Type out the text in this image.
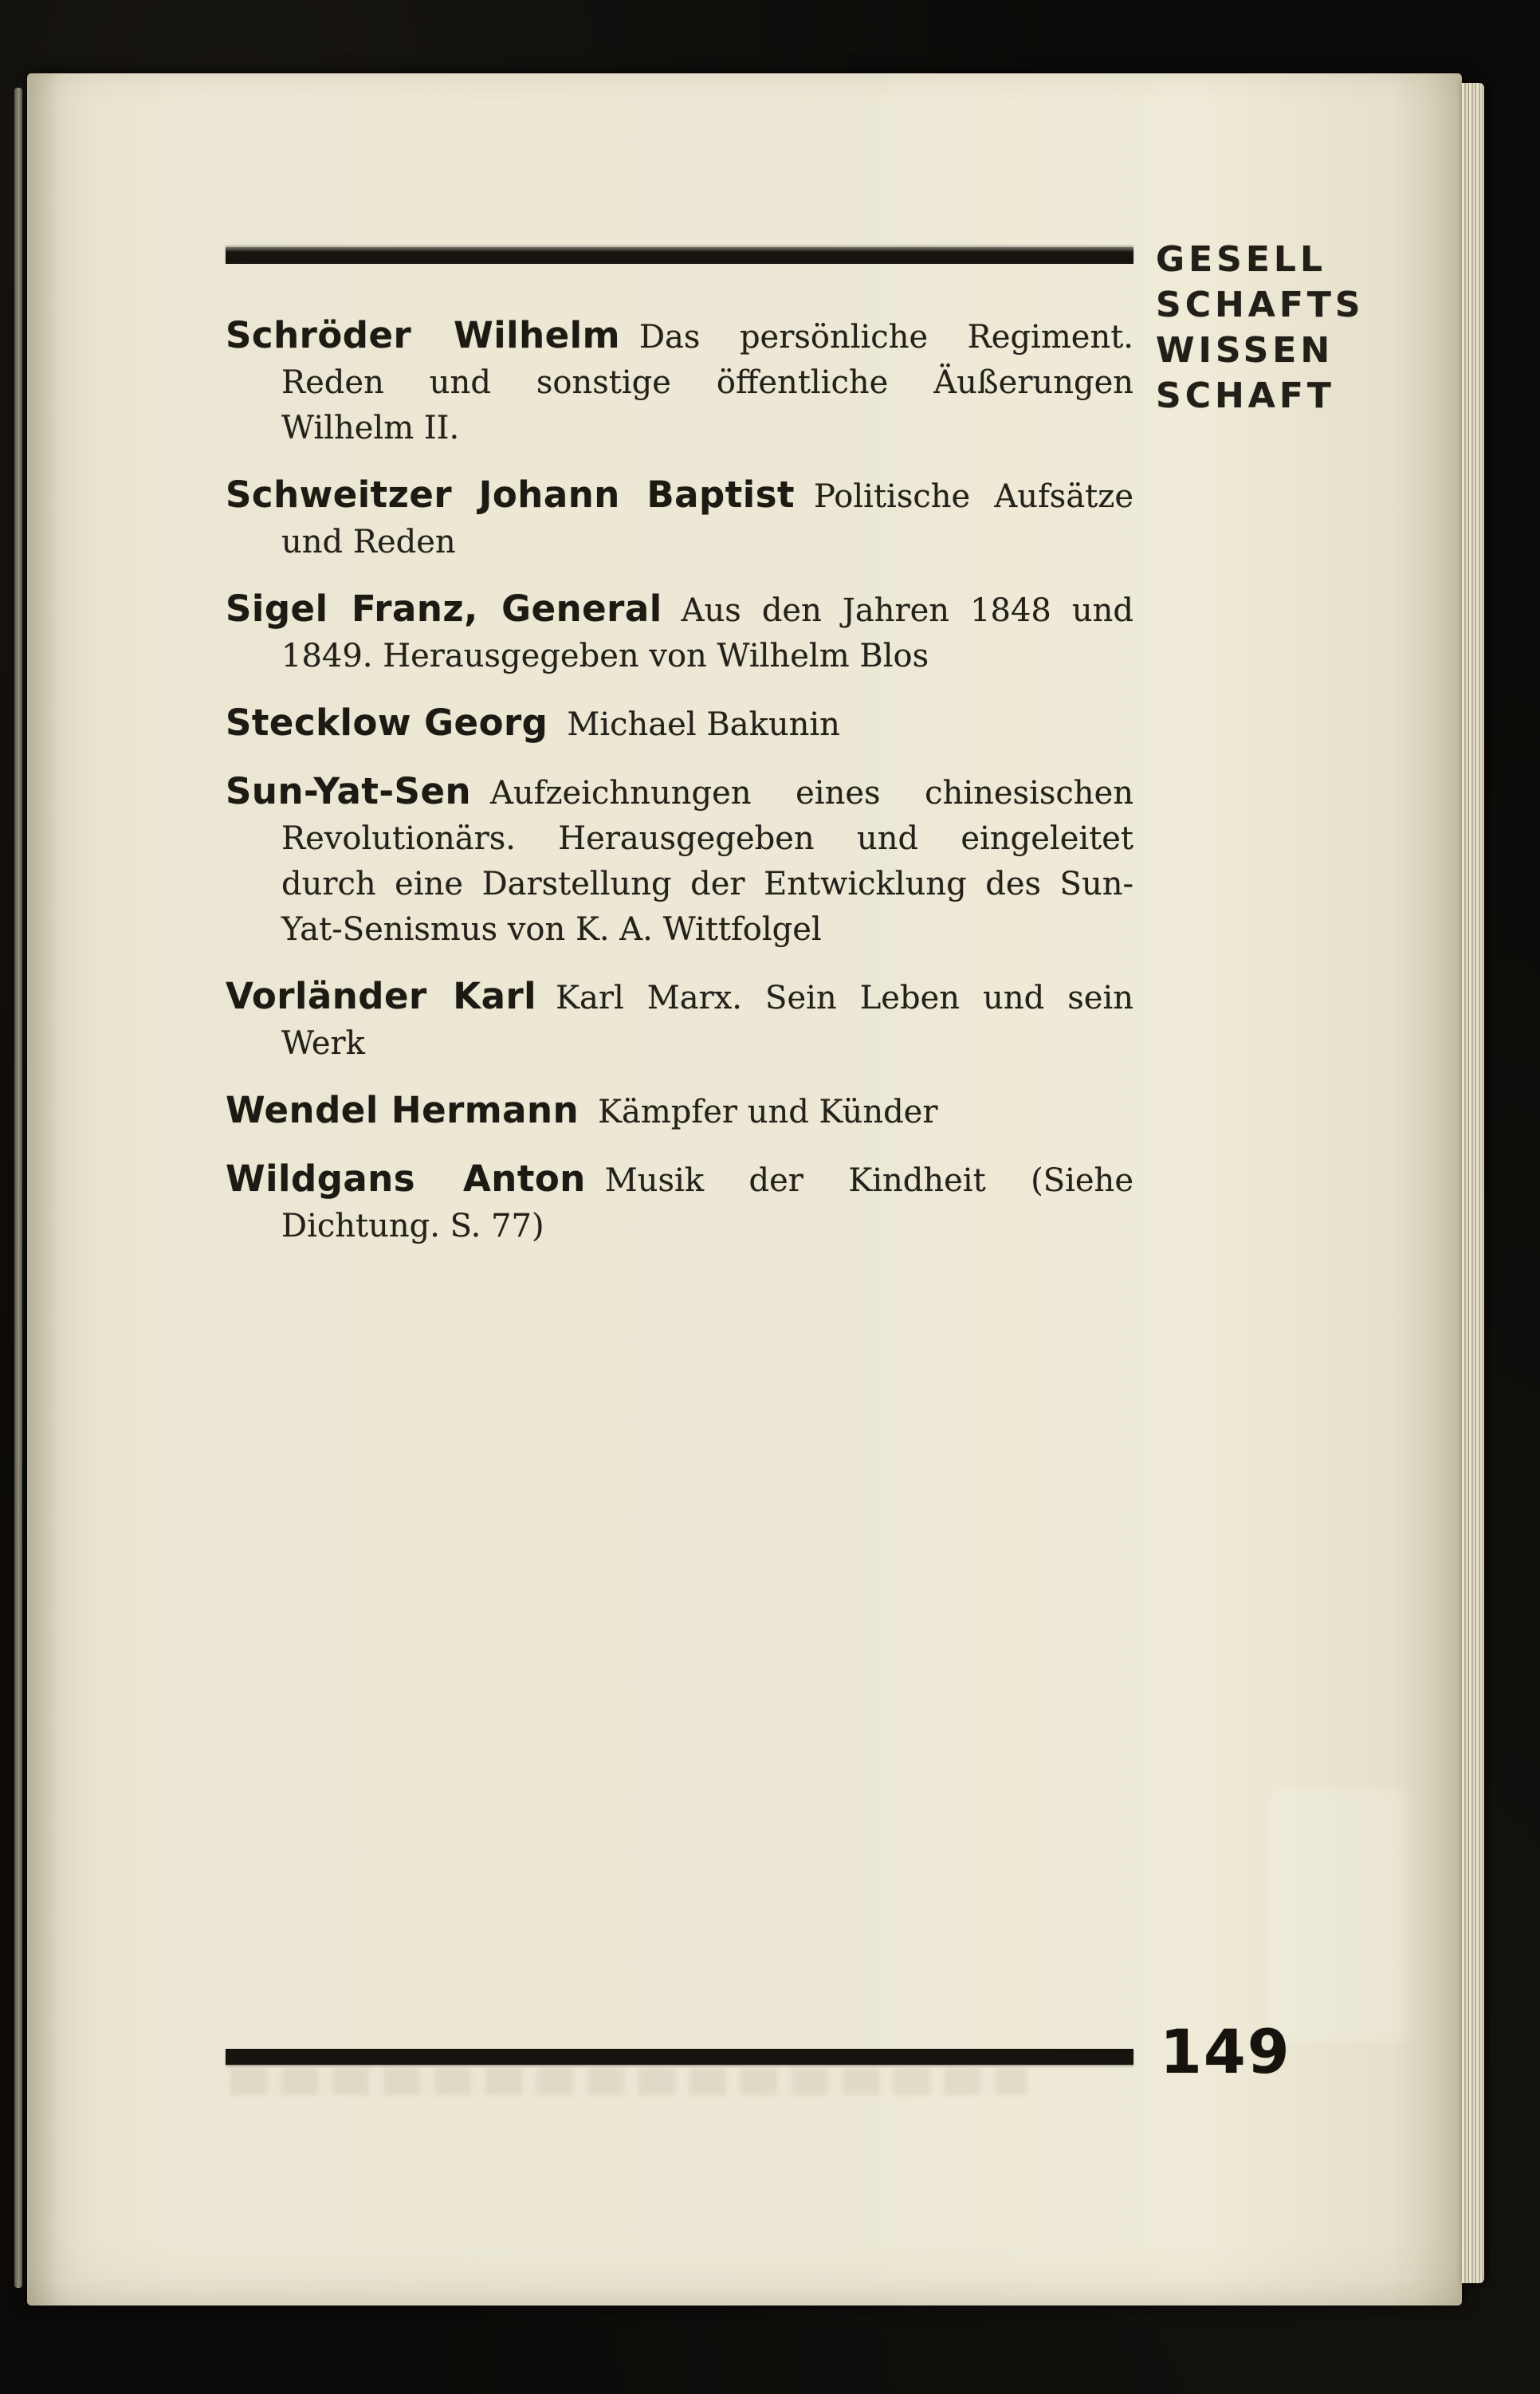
GESELL
SCHAFTS
WISSEN
SCHAFT

Schröder Wilhelm Das persönliche Regiment. Reden und sonstige öffentliche Äußerungen Wilhelm II.

Schweitzer Johann Baptist Politische Aufsätze und Reden

Sigel Franz, General Aus den Jahren 1848 und 1849. Herausgegeben von Wilhelm Blos

Stecklow Georg Michael Bakunin

Sun-Yat-Sen Aufzeichnungen eines chinesischen Revolutionärs. Herausgegeben und eingeleitet durch eine Darstellung der Entwicklung des Sun-Yat-Senismus von K. A. Wittfolgel

Vorländer Karl Karl Marx. Sein Leben und sein Werk

Wendel Hermann Kämpfer und Künder

Wildgans Anton Musik der Kindheit (Siehe Dichtung. S. 77)

149
